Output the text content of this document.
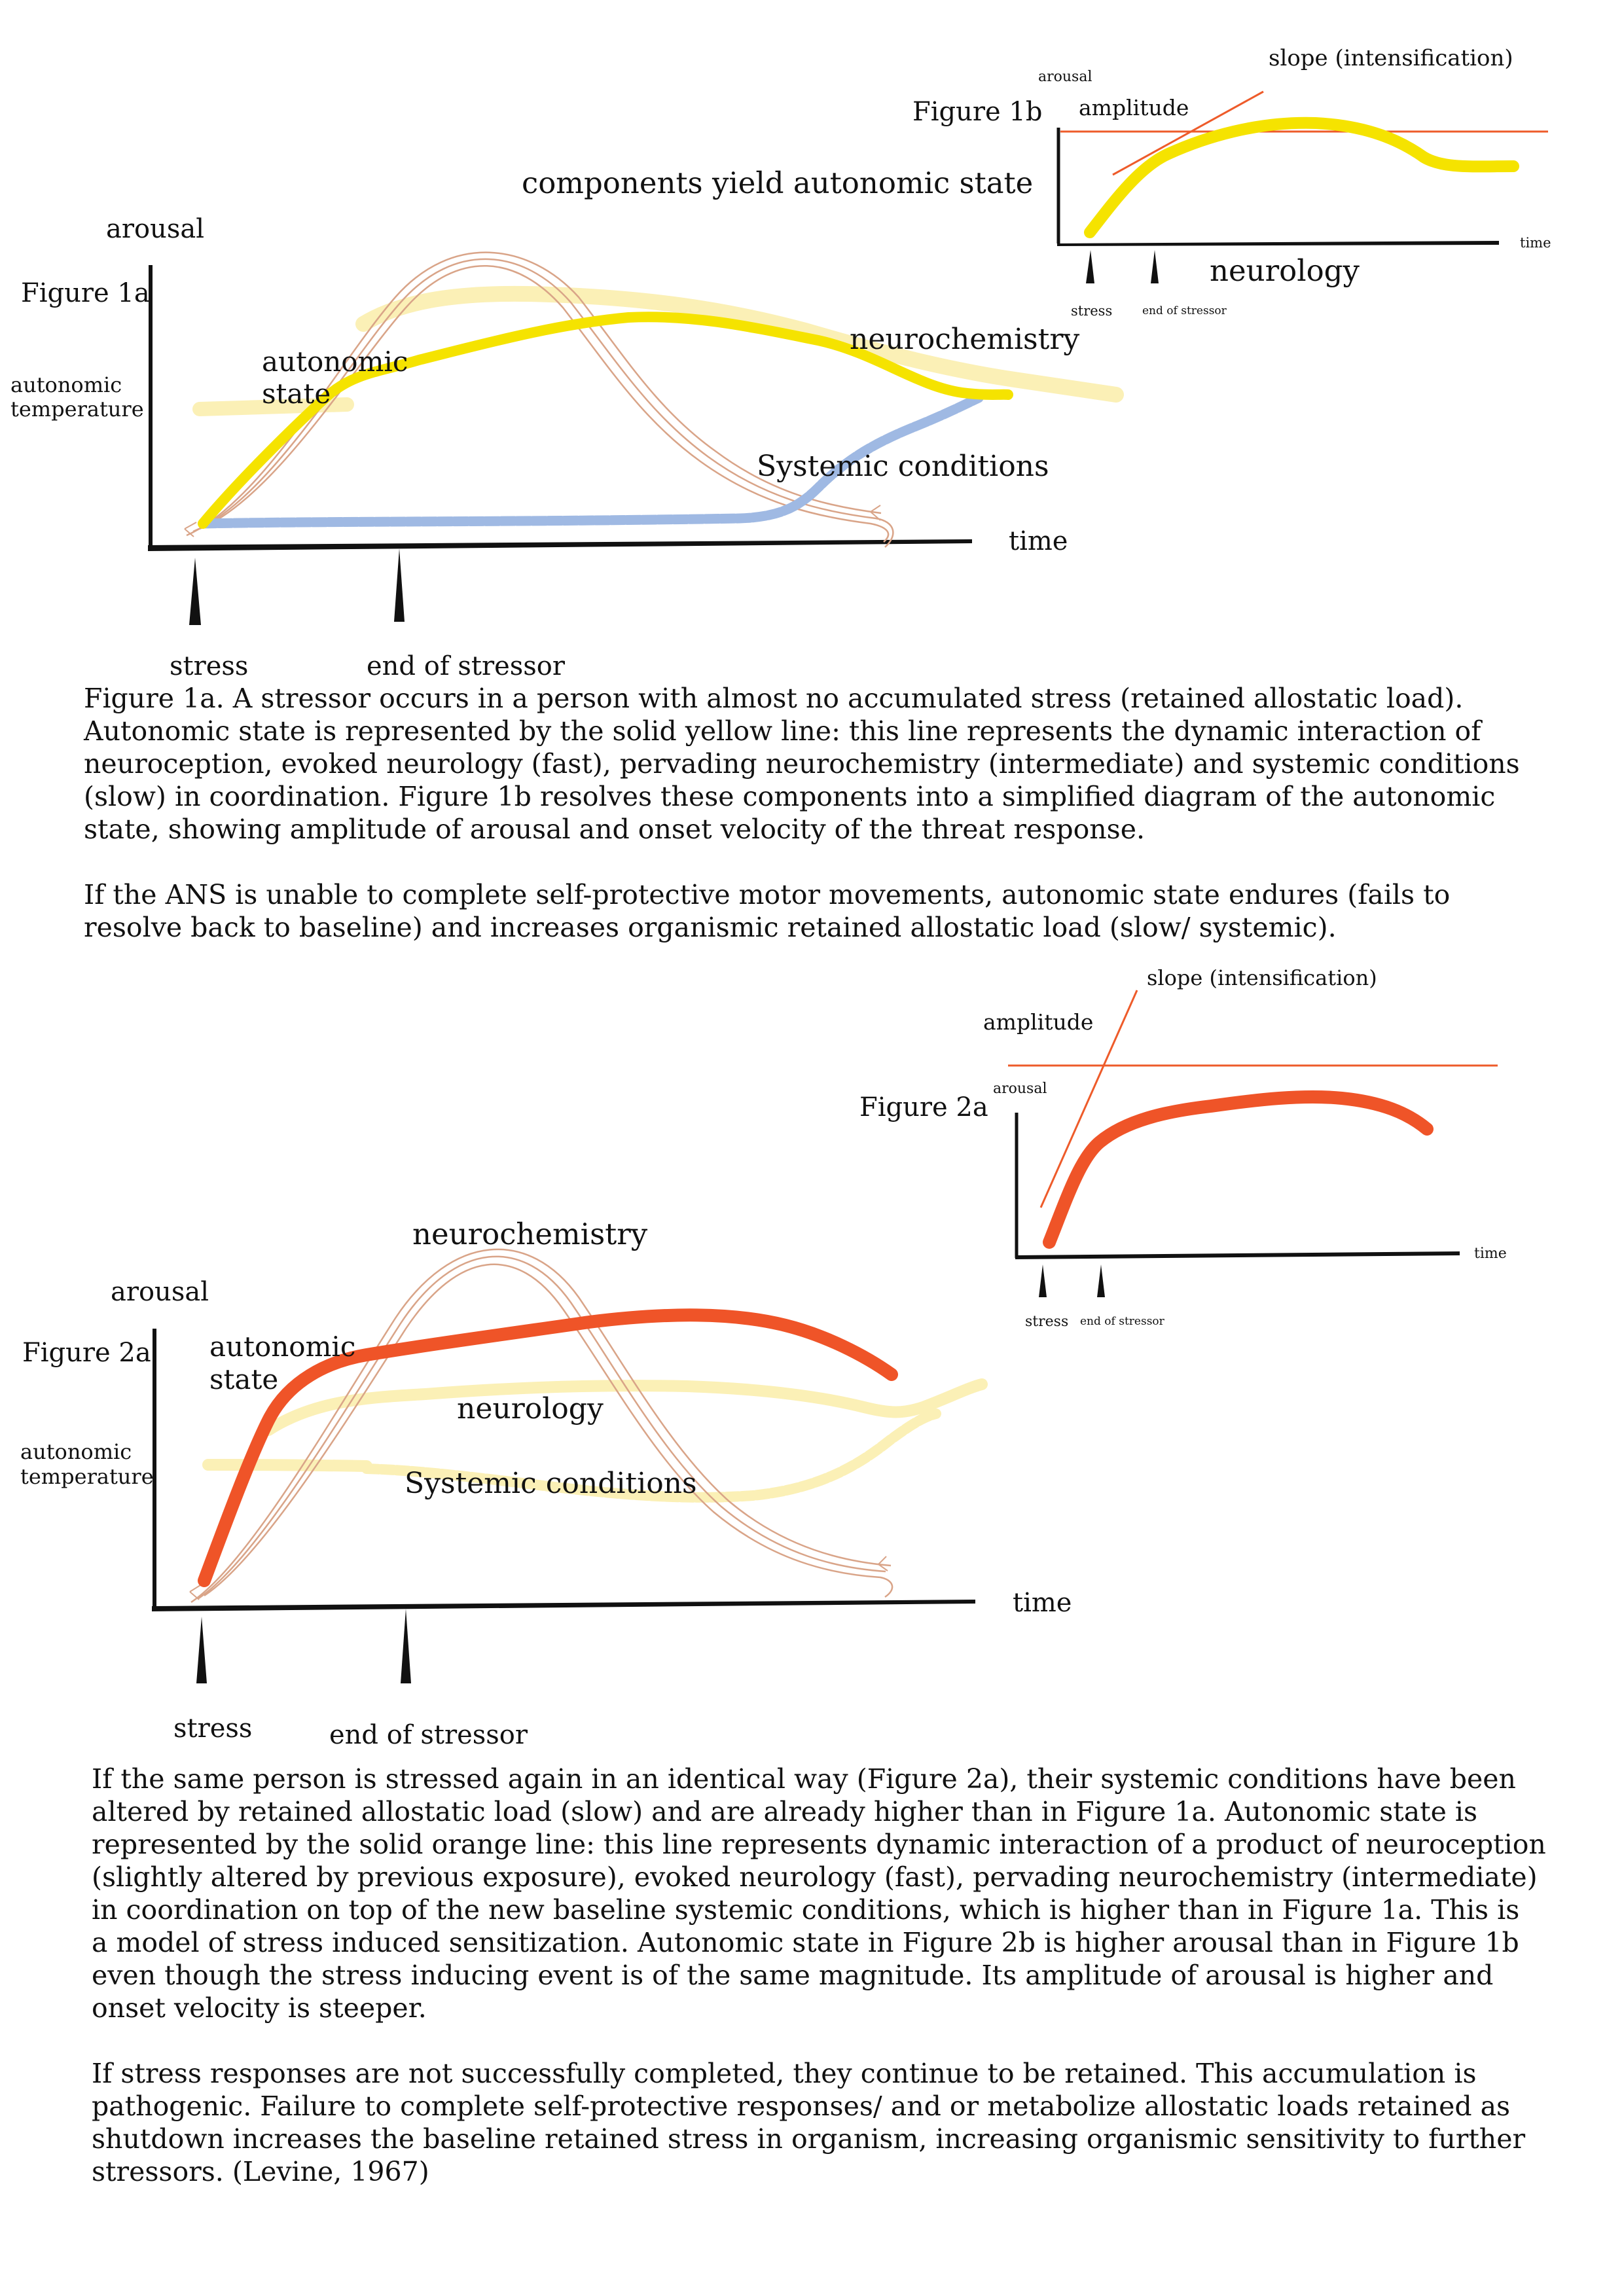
arousal
slope (intensification)
Figure 1b amplitude
time
neurology
stress	end of stressor
components yield autonomic state
arousal
Figure 1a
autonomic
state
neurochemistry
autonomic
temperature
Systemic conditions
time
stress	end of stressor

Figure 1a. A stressor occurs in a person with almost no accumulated stress (retained allostatic load).

Autonomic state is represented by the solid yellow line: this line represents the dynamic interaction of

neuroception, evoked neurology (fast), pervading neurochemistry (intermediate) and systemic conditions

(slow) in coordination. Figure 1b resolves these components into a simplified diagram of the autonomic

state, showing amplitude of arousal and onset velocity of the threat response.

If the ANS is unable to complete self-protective motor movements, autonomic state endures (fails to

resolve back to baseline) and increases organismic retained allostatic load (slow/ systemic).

slope (intensification)
amplitude
arousal
Figure 2a
time
stress end of stressor
neurochemistry
arousal
Figure 2a autonomic
state
neurology
autonomic
temperature	Systemic conditions
time
stress	end of stressor

If the same person is stressed again in an identical way (Figure 2a), their systemic conditions have been

altered by retained allostatic load (slow) and are already higher than in Figure 1a. Autonomic state is

represented by the solid orange line: this line represents dynamic interaction of a product of neuroception

(slightly altered by previous exposure), evoked neurology (fast), pervading neurochemistry (intermediate)

in coordination on top of the new baseline systemic conditions, which is higher than in Figure 1a. This is

a model of stress induced sensitization. Autonomic state in Figure 2b is higher arousal than in Figure 1b

even though the stress inducing event is of the same magnitude. Its amplitude of arousal is higher and

onset velocity is steeper.

If stress responses are not successfully completed, they continue to be retained. This accumulation is

pathogenic. Failure to complete self-protective responses/ and or metabolize allostatic loads retained as

shutdown increases the baseline retained stress in organism, increasing organismic sensitivity to further

stressors. (Levine, 1967)
